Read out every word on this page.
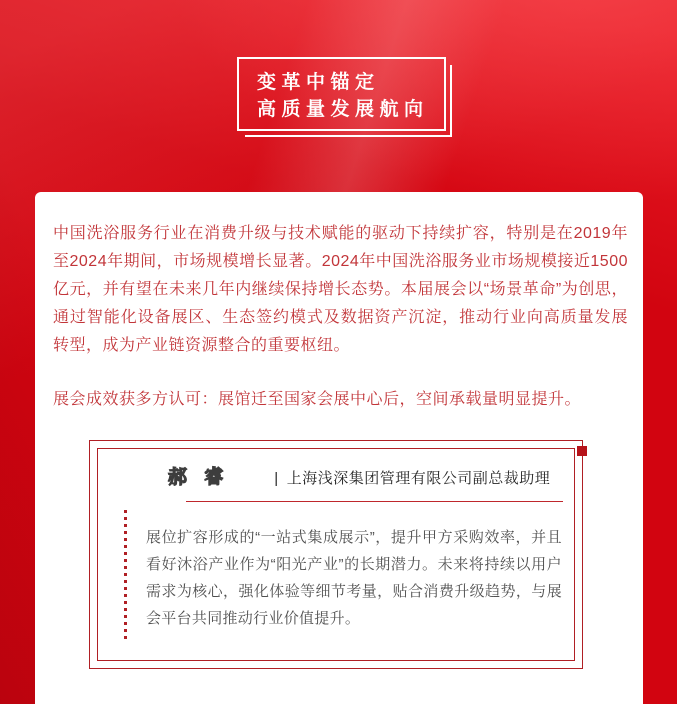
变革中锚定
高质量发展航向

中国洗浴服务行业在消费升级与技术赋能的驱动下持续扩容，特别是在2019年至2024年期间，市场规模增长显著。2024年中国洗浴服务业市场规模接近1500亿元，并有望在未来几年内继续保持增长态势。本届展会以“场景革命”为创思，通过智能化设备展区、生态签约模式及数据资产沉淀，推动行业向高质量发展转型，成为产业链资源整合的重要枢纽。

展会成效获多方认可：展馆迁至国家会展中心后，空间承载量明显提升。

郝 睿	| 上海浅深集团管理有限公司副总裁助理

展位扩容形成的“一站式集成展示”，提升甲方采购效率，并且看好沐浴产业作为“阳光产业”的长期潜力。未来将持续以用户需求为核心，强化体验等细节考量，贴合消费升级趋势，与展会平台共同推动行业价值提升。
